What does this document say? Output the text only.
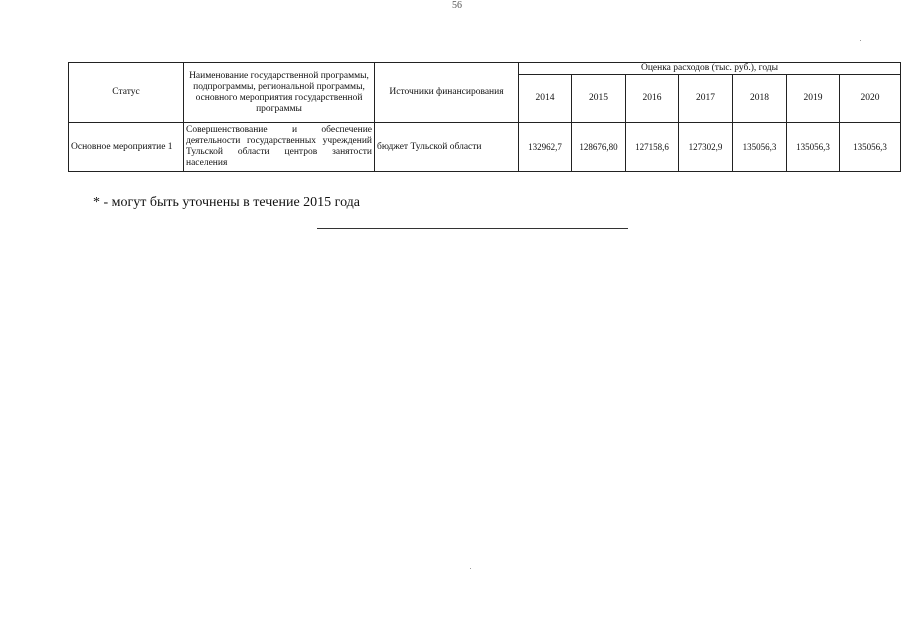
56
Статус	Наименование государственной программы, подпрограммы, региональной программы, основного мероприятия государственной программы	Источники финансирования	Оценка расходов (тыс. руб.), годы						
			2014	2015	2016	2017	2018	2019	2020
Основное мероприятие 1	Совершенствование и обеспечение деятельности государственных учреждений Тульской области центров занятости населения	бюджет Тульской области	132962,7	128676,80	127158,6	127302,9	135056,3	135056,3	135056,3
* - могут быть уточнены в течение 2015 года
